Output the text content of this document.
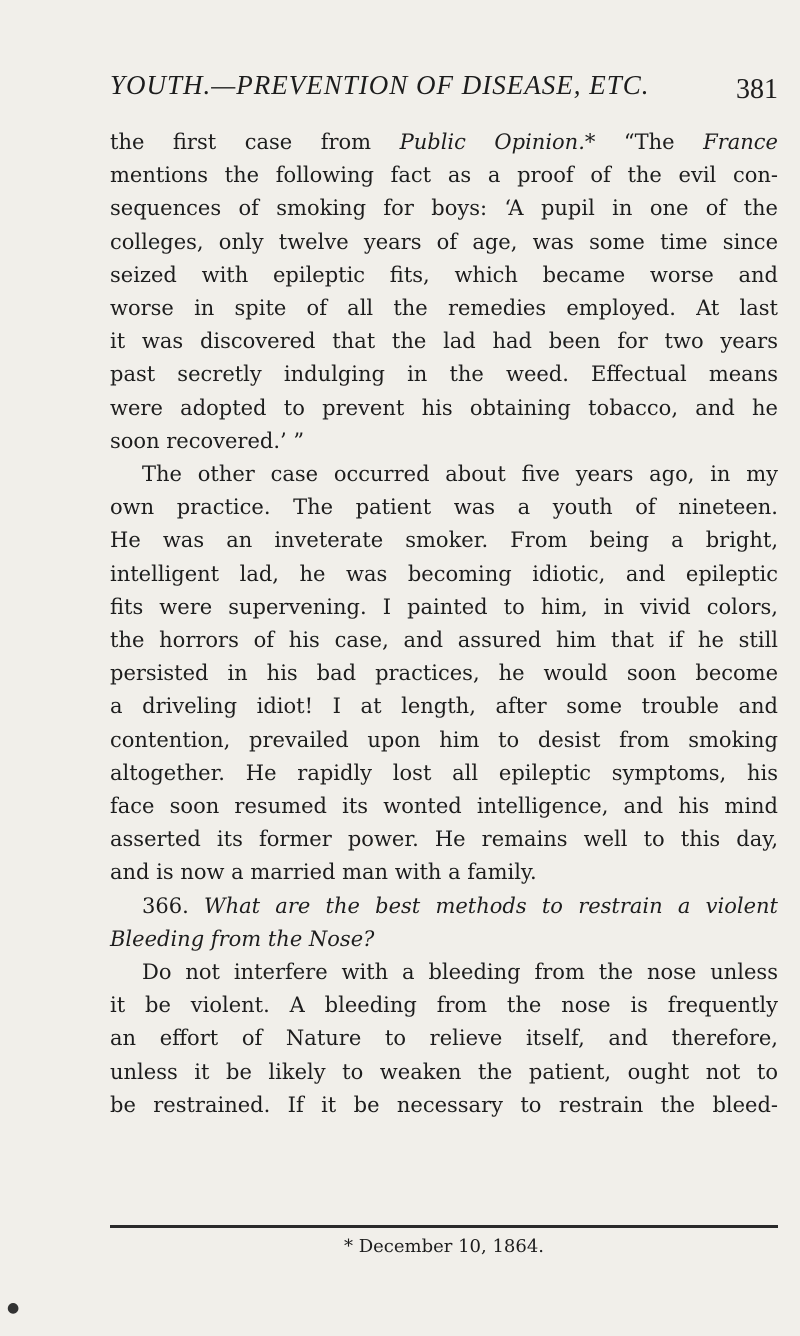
YOUTH.—PREVENTION OF DISEASE, ETC.	381
the first case from Public Opinion.* “The France
mentions the following fact as a proof of the evil con-
sequences of smoking for boys: ‘A pupil in one of the
colleges, only twelve years of age, was some time since
seized with epileptic fits, which became worse and
worse in spite of all the remedies employed. At last
it was discovered that the lad had been for two years
past secretly indulging in the weed. Effectual means
were adopted to prevent his obtaining tobacco, and he
soon recovered.’ ”
The other case occurred about five years ago, in my
own practice. The patient was a youth of nineteen.
He was an inveterate smoker. From being a bright,
intelligent lad, he was becoming idiotic, and epileptic
fits were supervening. I painted to him, in vivid colors,
the horrors of his case, and assured him that if he still
persisted in his bad practices, he would soon become
a driveling idiot! I at length, after some trouble and
contention, prevailed upon him to desist from smoking
altogether. He rapidly lost all epileptic symptoms, his
face soon resumed its wonted intelligence, and his mind
asserted its former power. He remains well to this day,
and is now a married man with a family.
366. What are the best methods to restrain a violent
Bleeding from the Nose?
Do not interfere with a bleeding from the nose unless
it be violent. A bleeding from the nose is frequently
an effort of Nature to relieve itself, and therefore,
unless it be likely to weaken the patient, ought not to
be restrained. If it be necessary to restrain the bleed-
* December 10, 1864.
●
